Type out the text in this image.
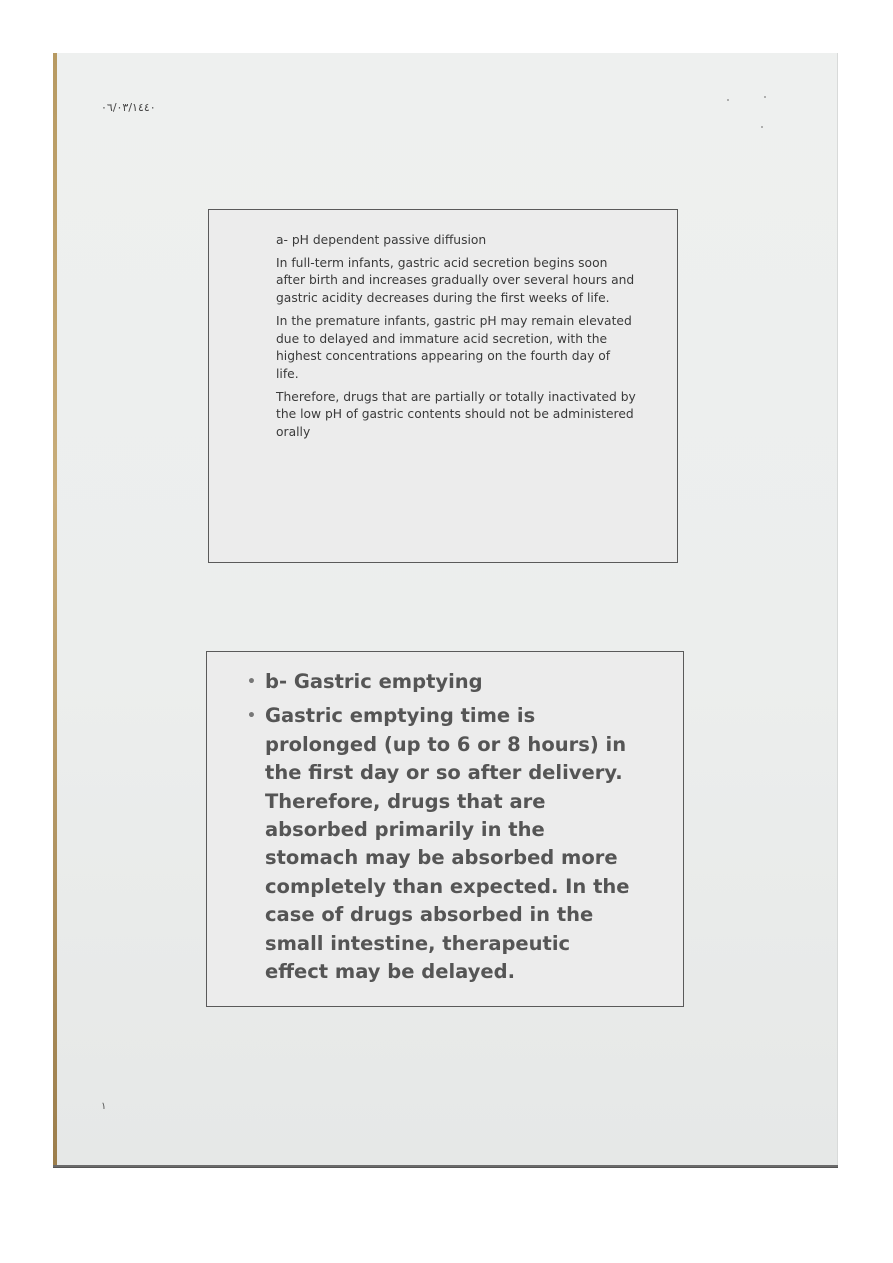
٠٦/٠٣/١٤٤٠

a- pH dependent passive diffusion

In full-term infants, gastric acid secretion begins soon after birth and increases gradually over several hours and gastric acidity decreases during the first weeks of life.

In the premature infants, gastric pH may remain elevated due to delayed and immature acid secretion, with the highest concentrations appearing on the fourth day of life.

Therefore, drugs that are partially or totally inactivated by the low pH of gastric contents should not be administered orally

• b- Gastric emptying
• Gastric emptying time is prolonged (up to 6 or 8 hours) in the first day or so after delivery. Therefore, drugs that are absorbed primarily in the stomach may be absorbed more completely than expected. In the case of drugs absorbed in the small intestine, therapeutic effect may be delayed.
١
